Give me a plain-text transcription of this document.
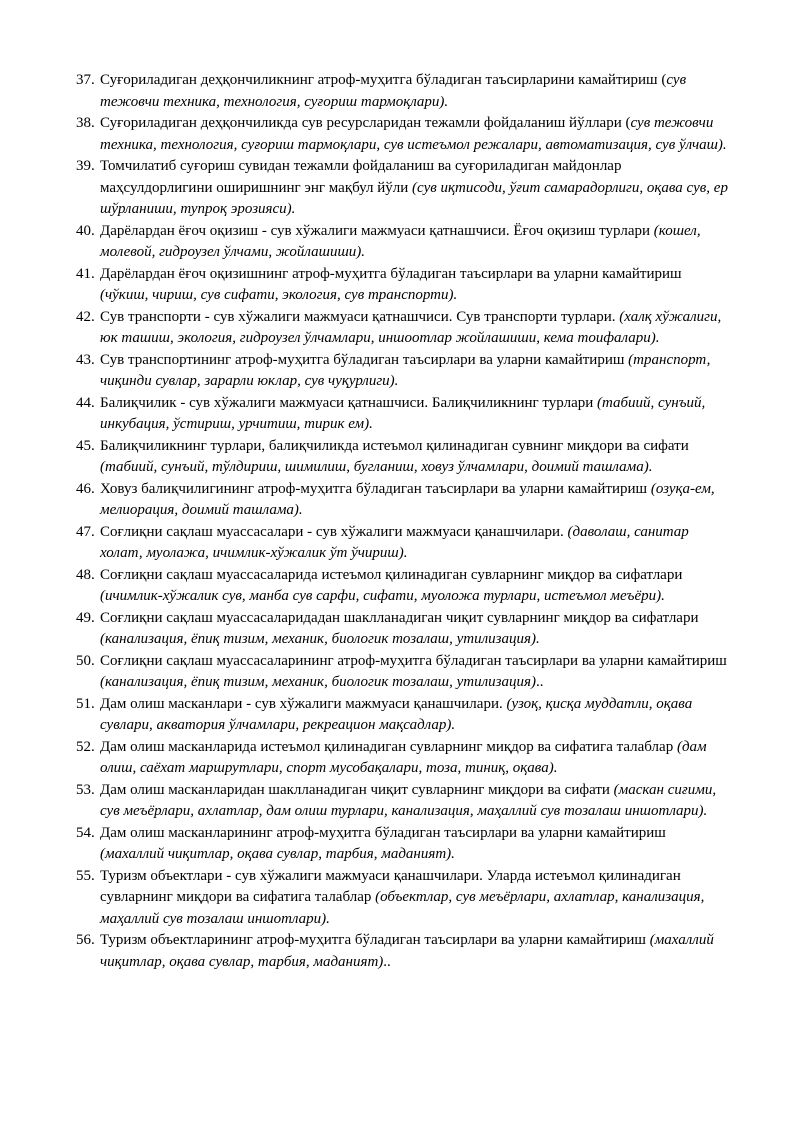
37. Суғориладиган деҳқончиликнинг атроф-муҳитга бўладиган таъсирларини камайтириш (сув тежовчи техника, технология, суғориш тармоқлари).
38. Суғориладиган деҳқончиликда сув ресурсларидан тежамли фойдаланиш йўллари (сув тежовчи техника, технология, суғориш тармоқлари, сув истеъмол режалари, автоматизация, сув ўлчаш).
39. Томчилатиб суғориш сувидан тежамли фойдаланиш ва суғориладиган майдонлар маҳсулдорлигини оширишнинг энг мақбул йўли (сув иқтисоди, ўғит самарадорлиги, оқава сув, ер шўрланиши, тупроқ эрозияси).
40. Дарёлардан ёғоч оқизиш - сув хўжалиги мажмуаси қатнашчиси. Ёғоч оқизиш турлари (кошел, молевой, гидроузел ўлчами, жойлашиши).
41. Дарёлардан ёғоч оқизишнинг атроф-муҳитга бўладиган таъсирлари ва уларни камайтириш (чўкиш, чириш, сув сифати, экология, сув транспорти).
42. Сув транспорти - сув хўжалиги мажмуаси қатнашчиси. Сув транспорти турлари. (халқ хўжалиги, юк ташиш, экология, гидроузел ўлчамлари, иншоотлар жойлашиши, кема тоифалари).
43. Сув транспортининг атроф-муҳитга бўладиган таъсирлари ва уларни камайтириш (транспорт, чиқинди сувлар, зарарли юклар, сув чуқурлиги).
44. Балиқчилик - сув хўжалиги мажмуаси қатнашчиси. Балиқчиликнинг турлари (табиий, сунъий, инкубация, ўстириш, урчитиш, тирик ем).
45. Балиқчиликнинг турлари, балиқчиликда истеъмол қилинадиган сувнинг миқдори ва сифати (табиий, сунъий, тўлдириш, шимилиш, бугланиш, ховуз ўлчамлари, доимий ташлама).
46. Ховуз балиқчилигининг атроф-муҳитга бўладиган таъсирлари ва уларни камайтириш (озуқа-ем, мелиорация, доимий ташлама).
47. Соғлиқни сақлаш муассасалари - сув хўжалиги мажмуаси қанашчилари. (даволаш, санитар холат, муолажа, ичимлик-хўжалик ўт ўчириш).
48. Соғлиқни сақлаш муассасаларида истеъмол қилинадиган сувларнинг миқдор ва сифатлари (ичимлик-хўжалик сув, манба сув сарфи, сифати, муоложа турлари, истеъмол меъёри).
49. Соғлиқни сақлаш муассасаларидадан шаклланадиган чиқит сувларнинг миқдор ва сифатлари (канализация, ёпиқ тизим, механик, биологик тозалаш, утилизация).
50. Соғлиқни сақлаш муассасаларининг атроф-муҳитга бўладиган таъсирлари ва уларни камайтириш (канализация, ёпиқ тизим, механик, биологик тозалаш, утилизация)..
51. Дам олиш масканлари - сув хўжалиги мажмуаси қанашчилари. (узоқ, қисқа муддатли, оқава сувлари, акватория ўлчамлари, рекреацион мақсадлар).
52. Дам олиш масканларида истеъмол қилинадиган сувларнинг миқдор ва сифатига талаблар (дам олиш, саёхат маршрутлари, спорт мусобақалари, тоза, тиниқ, оқава).
53. Дам олиш масканларидан шаклланадиган чиқит сувларнинг миқдори ва сифати (маскан сиғими, сув меъёрлари, ахлатлар, дам олиш турлари, канализация, маҳаллий сув тозалаш иншотлари).
54. Дам олиш масканларининг атроф-муҳитга бўладиган таъсирлари ва уларни камайтириш (махаллий чиқитлар, оқава сувлар, тарбия, маданият).
55. Туризм объектлари - сув хўжалиги мажмуаси қанашчилари. Уларда истеъмол қилинадиган сувларнинг миқдори ва сифатига талаблар (объектлар, сув меъёрлари, ахлатлар, канализация, маҳаллий сув тозалаш иншотлари).
56. Туризм объектларининг атроф-муҳитга бўладиган таъсирлари ва уларни камайтириш (махаллий чиқитлар, оқава сувлар, тарбия, маданият)..
